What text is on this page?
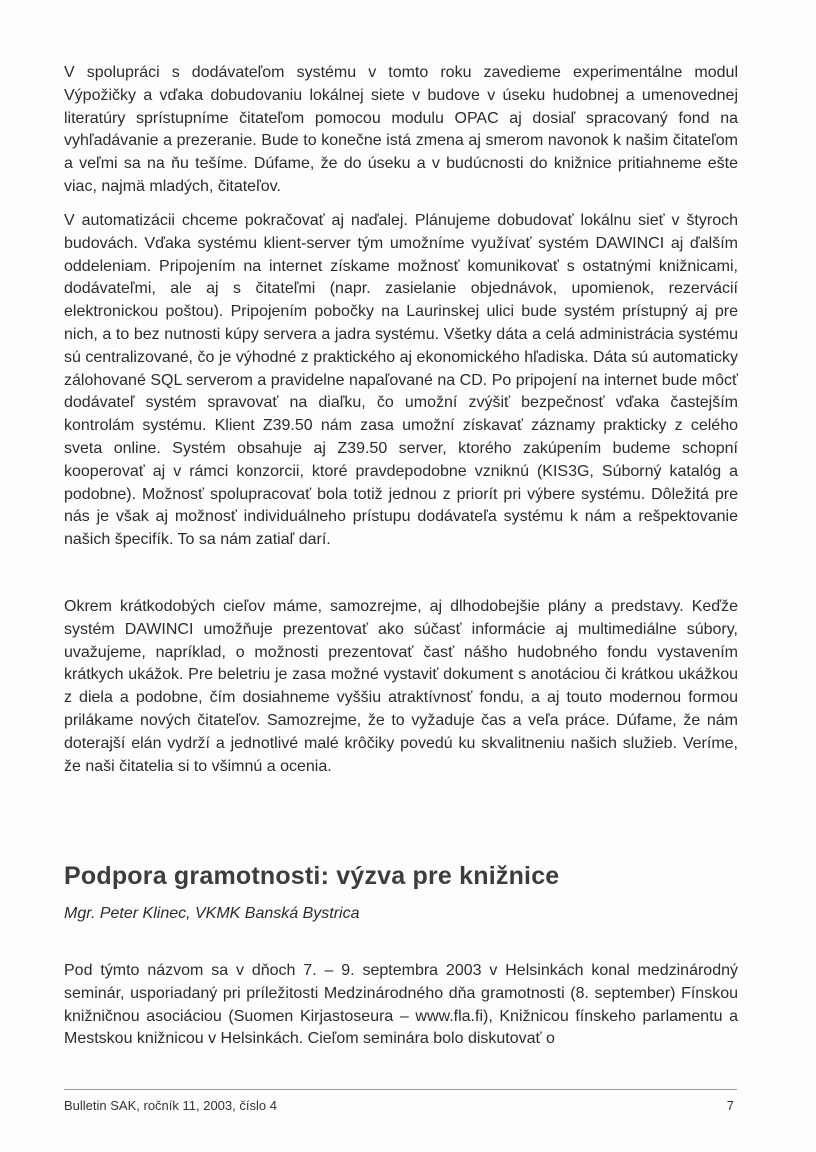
V spolupráci s dodávateľom systému v tomto roku zavedieme experimentálne modul Výpožičky a vďaka dobudovaniu lokálnej siete v budove v úseku hudobnej a umenovednej literatúry sprístupníme čitateľom pomocou modulu OPAC aj dosiaľ spracovaný fond na vyhľadávanie a prezeranie. Bude to konečne istá zmena aj smerom navonok k našim čitateľom a veľmi sa na ňu tešíme. Dúfame, že do úseku a v budúcnosti do knižnice pritiahneme ešte viac, najmä mladých, čitateľov.

V automatizácii chceme pokračovať aj naďalej. Plánujeme dobudovať lokálnu sieť v štyroch budovách. Vďaka systému klient-server tým umožníme využívať systém DAWINCI aj ďalším oddeleniam. Pripojením na internet získame možnosť komunikovať s ostatnými knižnicami, dodávateľmi, ale aj s čitateľmi (napr. zasielanie objednávok, upomienok, rezervácií elektronickou poštou). Pripojením pobočky na Laurinskej ulici bude systém prístupný aj pre nich, a to bez nutnosti kúpy servera a jadra systému. Všetky dáta a celá administrácia systému sú centralizované, čo je výhodné z praktického aj ekonomického hľadiska. Dáta sú automaticky zálohované SQL serverom a pravidelne napaľované na CD. Po pripojení na internet bude môcť dodávateľ systém spravovať na diaľku, čo umožní zvýšiť bezpečnosť vďaka častejším kontrolám systému. Klient Z39.50 nám zasa umožní získavať záznamy prakticky z celého sveta online. Systém obsahuje aj Z39.50 server, ktorého zakúpením budeme schopní kooperovať aj v rámci konzorcii, ktoré pravdepodobne vzniknú (KIS3G, Súborný katalóg a podobne). Možnosť spolupracovať bola totiž jednou z priorít pri výbere systému. Dôležitá pre nás je však aj možnosť individuálneho prístupu dodávateľa systému k nám a rešpektovanie našich špecifík. To sa nám zatiaľ darí.

Okrem krátkodobých cieľov máme, samozrejme, aj dlhodobejšie plány a predstavy. Keďže systém DAWINCI umožňuje prezentovať ako súčasť informácie aj multimediálne súbory, uvažujeme, napríklad, o možnosti prezentovať časť nášho hudobného fondu vystavením krátkych ukážok. Pre beletriu je zasa možné vystaviť dokument s anotáciou či krátkou ukážkou z diela a podobne, čím dosiahneme vyššiu atraktívnosť fondu, a aj touto modernou formou prilákame nových čitateľov. Samozrejme, že to vyžaduje čas a veľa práce. Dúfame, že nám doterajší elán vydrží a jednotlivé malé krôčiky povedú ku skvalitneniu našich služieb. Veríme, že naši čitatelia si to všimnú a ocenia.

Podpora gramotnosti: výzva pre knižnice

Mgr. Peter Klinec, VKMK Banská Bystrica

Pod týmto názvom sa v dňoch 7. – 9. septembra 2003 v Helsinkách konal medzinárodný seminár, usporiadaný pri príležitosti Medzinárodného dňa gramotnosti (8. september) Fínskou knižničnou asociáciou (Suomen Kirjastoseura – www.fla.fi), Knižnicou fínskeho parlamentu a Mestskou knižnicou v Helsinkách. Cieľom seminára bolo diskutovať o

Bulletin SAK, ročník 11, 2003, číslo 4	7
